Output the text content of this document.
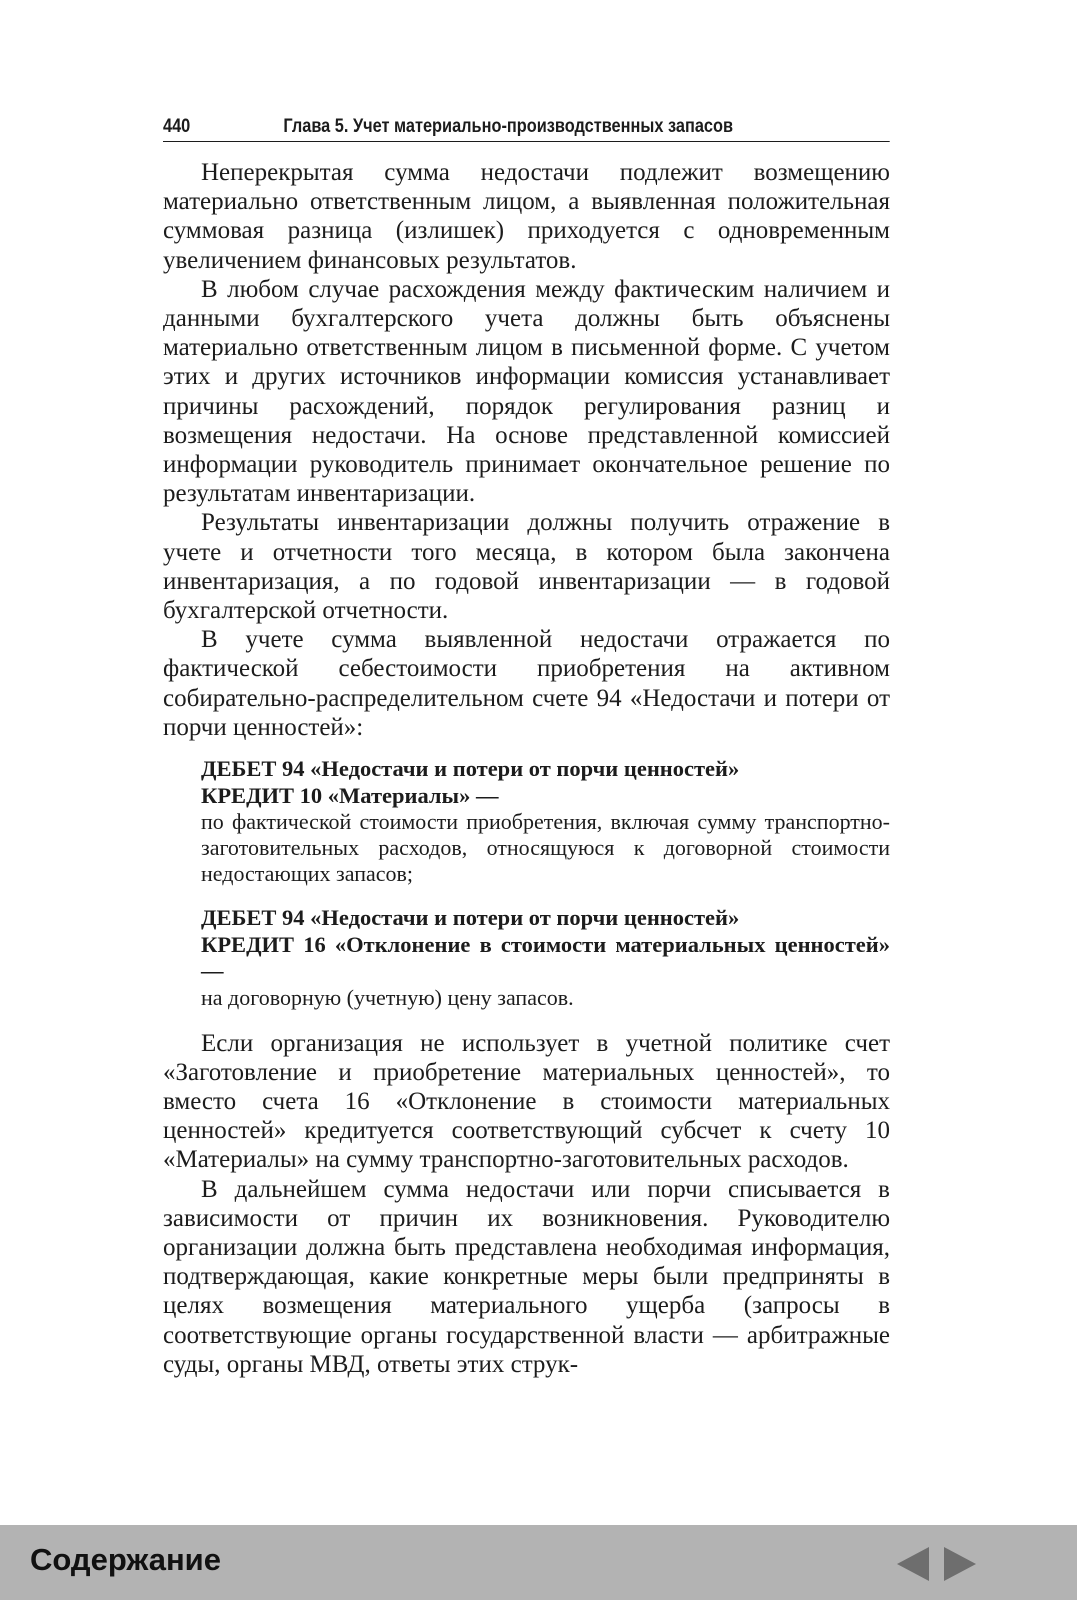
440	Глава 5. Учет материально-производственных запасов

Неперекрытая сумма недостачи подлежит возмещению материально ответственным лицом, а выявленная положительная суммовая разница (излишек) приходуется с одновременным увеличением финансовых результатов.

В любом случае расхождения между фактическим наличием и данными бухгалтерского учета должны быть объяснены материально ответственным лицом в письменной форме. С учетом этих и других источников информации комиссия устанавливает причины расхождений, порядок регулирования разниц и возмещения недостачи. На основе представленной комиссией информации руководитель принимает окончательное решение по результатам инвентаризации.

Результаты инвентаризации должны получить отражение в учете и отчетности того месяца, в котором была закончена инвентаризация, а по годовой инвентаризации — в годовой бухгалтерской отчетности.

В учете сумма выявленной недостачи отражается по фактической себестоимости приобретения на активном собирательно-распределительном счете 94 «Недостачи и потери от порчи ценностей»:

ДЕБЕТ 94 «Недостачи и потери от порчи ценностей»
КРЕДИТ 10 «Материалы» —
по фактической стоимости приобретения, включая сумму транспортно-заготовительных расходов, относящуюся к договорной стоимости недостающих запасов;
ДЕБЕТ 94 «Недостачи и потери от порчи ценностей»
КРЕДИТ 16 «Отклонение в стоимости материальных ценностей» —
на договорную (учетную) цену запасов.

Если организация не использует в учетной политике счет «Заготовление и приобретение материальных ценностей», то вместо счета 16 «Отклонение в стоимости материальных ценностей» кредитуется соответствующий субсчет к счету 10 «Материалы» на сумму транспортно-заготовительных расходов.

В дальнейшем сумма недостачи или порчи списывается в зависимости от причин их возникновения. Руководителю организации должна быть представлена необходимая информация, подтверждающая, какие конкретные меры были предприняты в целях возмещения материального ущерба (запросы в соответствующие органы государственной власти — арбитражные суды, органы МВД, ответы этих струк-

Содержание
